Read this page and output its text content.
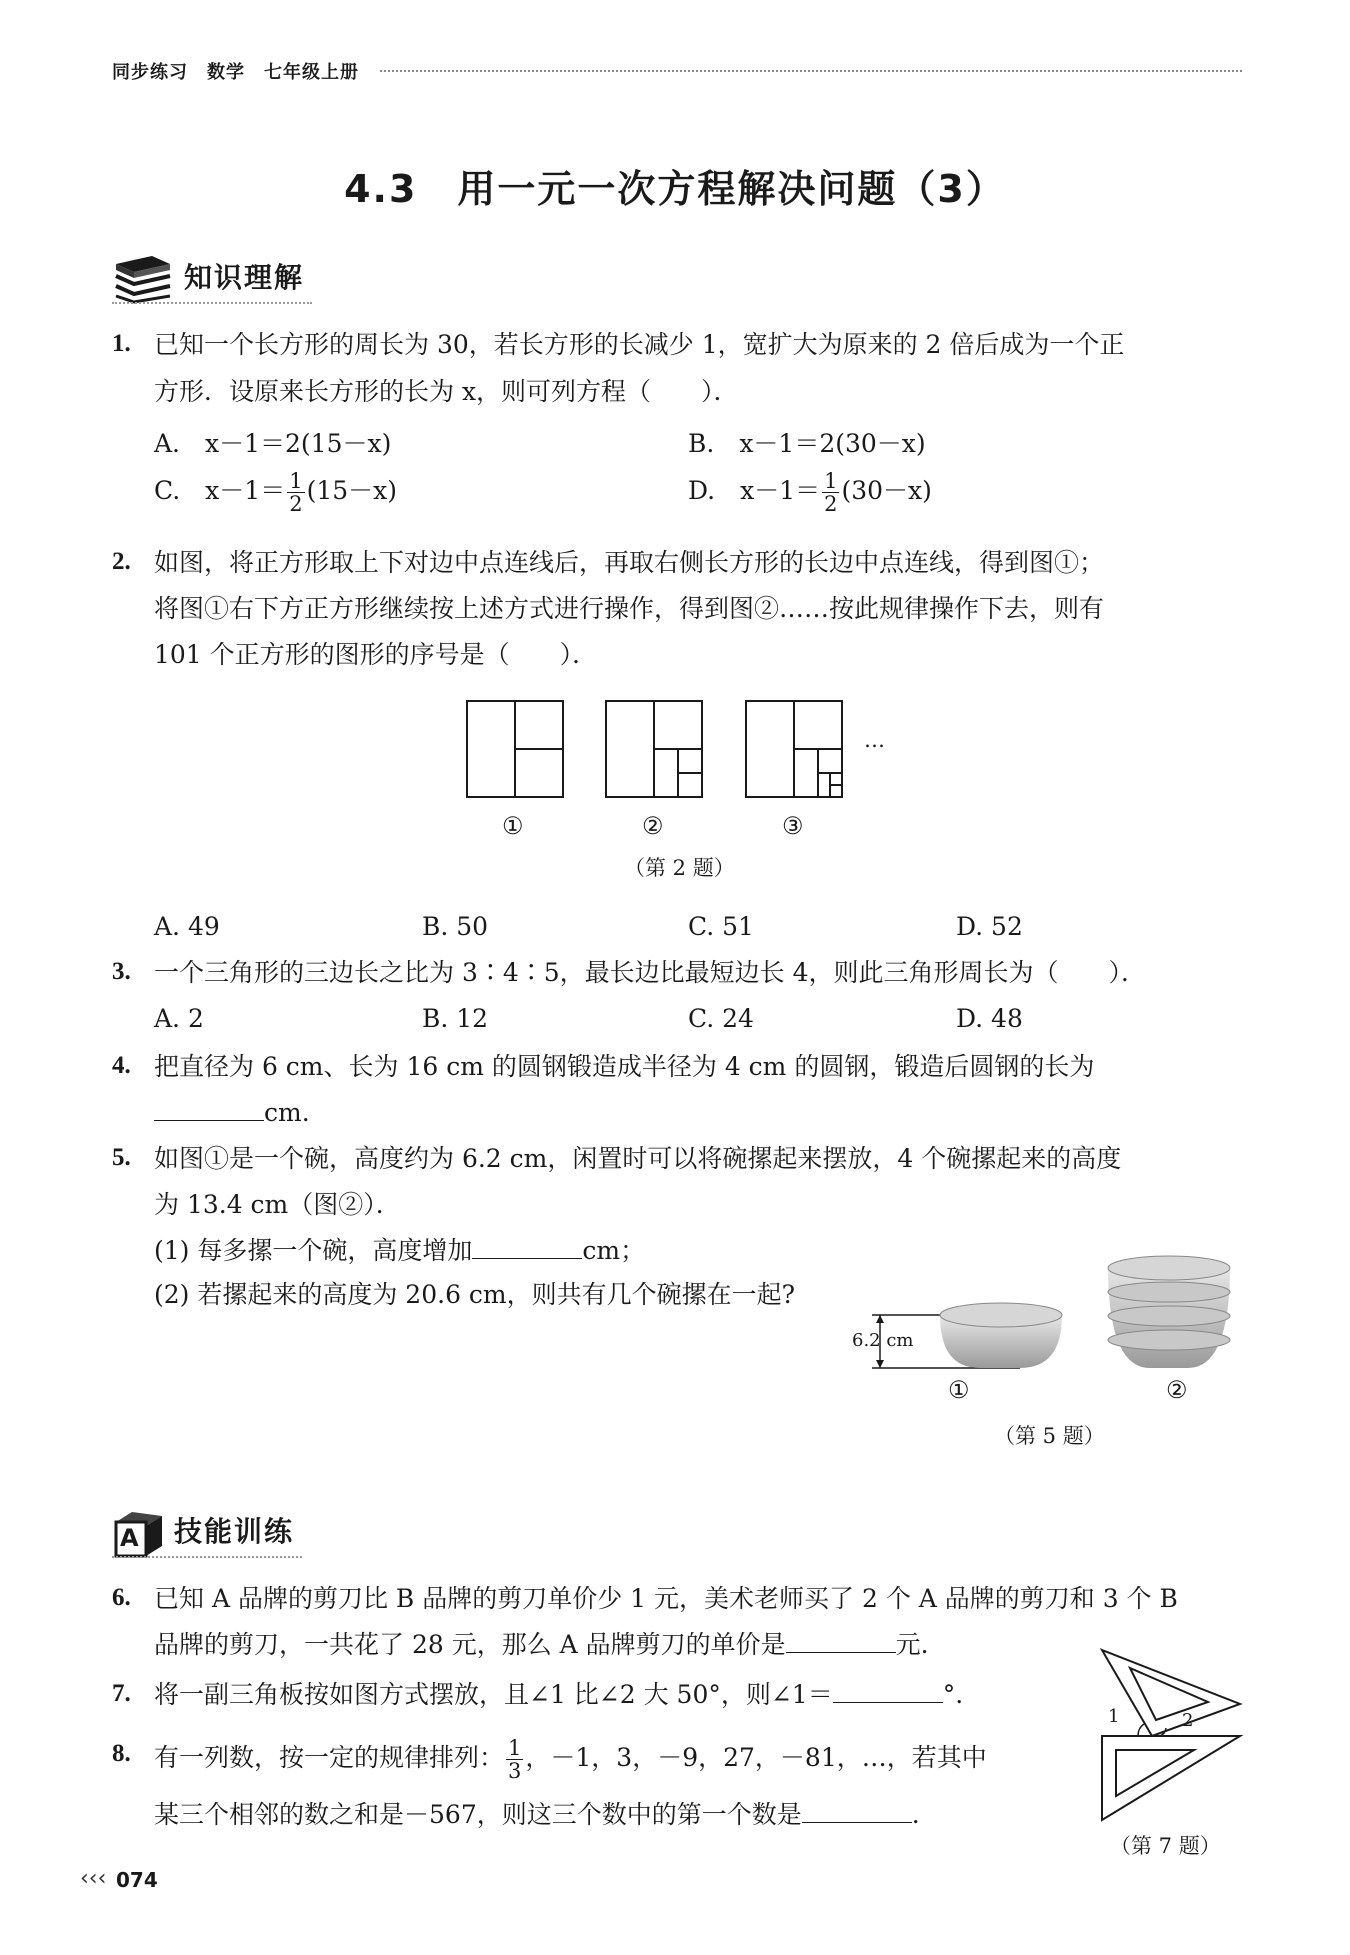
同步练习　数学　七年级上册
4.3　用一元一次方程解决问题（3）
知识理解
1. 已知一个长方形的周长为 30，若长方形的长减少 1，宽扩大为原来的 2 倍后成为一个正
方形．设原来长方形的长为 x，则可列方程（　　）．
A.　x－1＝2(15－x)	B.　x－1＝2(30－x)
C.　$x-1= \frac{1}{2} (15-x)$	D.　$x-1= \frac{1}{2} (30-x)$
2. 如图，将正方形取上下对边中点连线后，再取右侧长方形的长边中点连线，得到图①；
将图①右下方正方形继续按上述方式进行操作，得到图②……按此规律操作下去，则有
101 个正方形的图形的序号是（　　）．
…
①	②	③
（第 2 题）
A. 49	B. 50	C. 51	D. 52
3. 一个三角形的三边长之比为 3∶4∶5，最长边比最短边长 4，则此三角形周长为（　　）．
A. 2	B. 12	C. 24	D. 48
4. 把直径为 6 cm、长为 16 cm 的圆钢锻造成半径为 4 cm 的圆钢，锻造后圆钢的长为
cm.
5. 如图①是一个碗，高度约为 6.2 cm，闲置时可以将碗摞起来摆放，4 个碗摞起来的高度
为 13.4 cm（图②）．
(1) 每多摞一个碗，高度增加	cm；
(2) 若摞起来的高度为 20.6 cm，则共有几个碗摞在一起?
6.2 cm
①	②
（第 5 题）
A 技能训练
6. 已知 A 品牌的剪刀比 B 品牌的剪刀单价少 1 元，美术老师买了 2 个 A 品牌的剪刀和 3 个 B
品牌的剪刀，一共花了 28 元，那么 A 品牌剪刀的单价是	元.
7. 将一副三角板按如图方式摆放，且∠1 比∠2 大 50°，则∠1＝	°.
1	2
（第 7 题）
8. 有一列数，按一定的规律排列： $\frac{1}{3}$ ，－1，3，－9，27，－81，…，若其中
某三个相邻的数之和是－567，则这三个数中的第一个数是	.
‹‹‹ 074
